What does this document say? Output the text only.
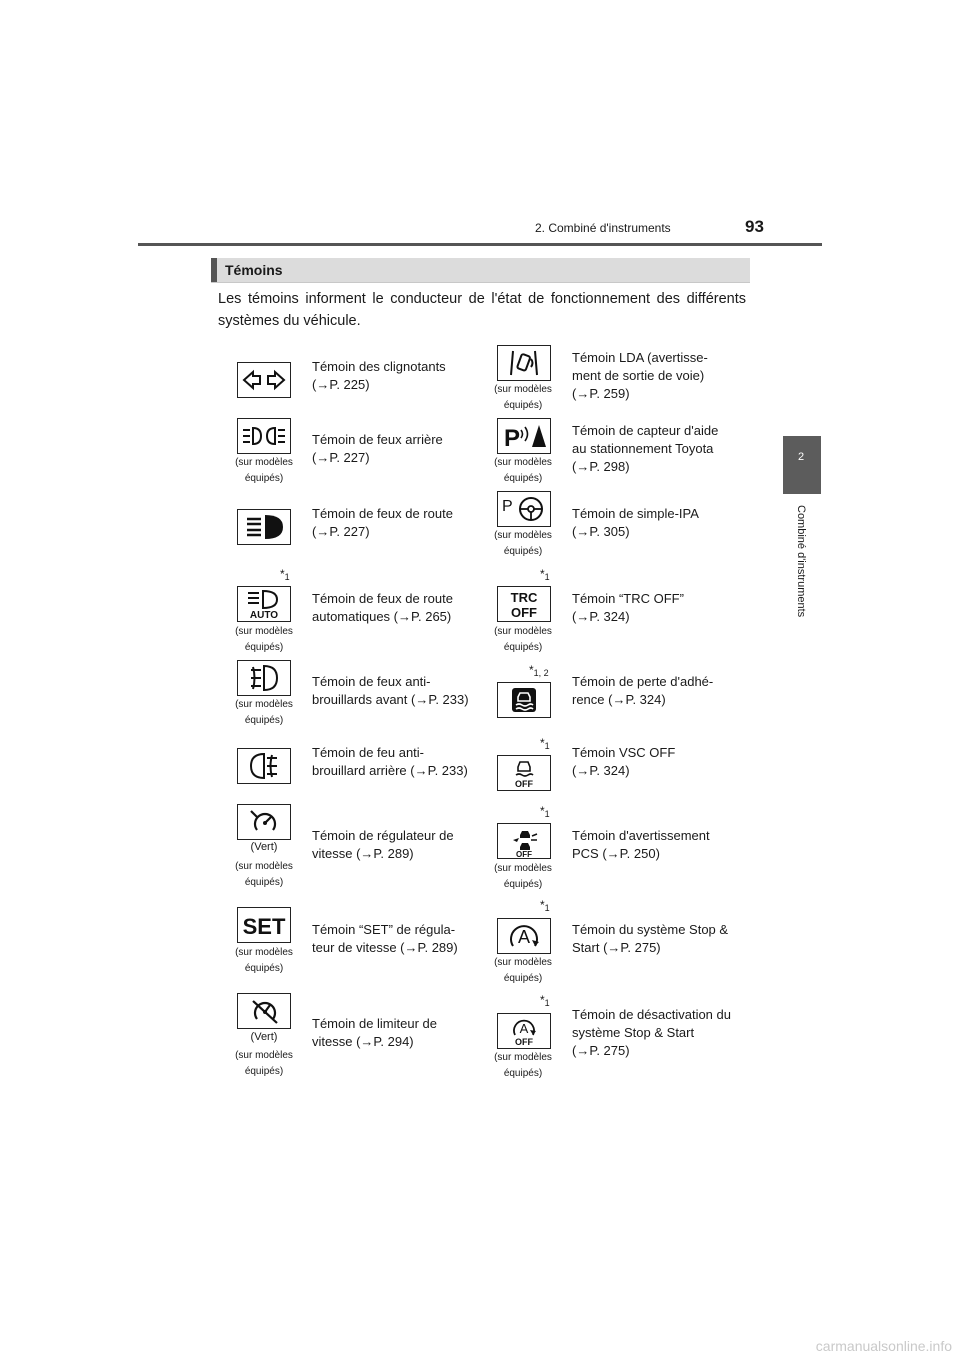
2. Combiné d'instruments	93
2
Combiné d'instruments
Témoins
Les témoins informent le conducteur de l'état de fonctionnement des différents systèmes du véhicule.
Témoin des clignotants
(→P. 225)
(sur modèles
équipés)
Témoin de feux arrière
(→P. 227)
Témoin de feux de route
(→P. 227)
$*_1$
AUTO
(sur modèles
équipés)
Témoin de feux de route
automatiques (→P. 265)
(sur modèles
équipés)
Témoin de feux anti-
brouillards avant (→P. 233)
Témoin de feu anti-
brouillard arrière (→P. 233)
(Vert)
(sur modèles
équipés)
Témoin de régulateur de
vitesse (→P. 289)
SET
(sur modèles
équipés)
Témoin “SET” de régula-
teur de vitesse (→P. 289)
(Vert)
(sur modèles
équipés)
Témoin de limiteur de
vitesse (→P. 294)
(sur modèles
équipés)
Témoin LDA (avertisse-
ment de sortie de voie)
(→P. 259)
P
(sur modèles
équipés)
Témoin de capteur d'aide
au stationnement Toyota
(→P. 298)
P
(sur modèles
équipés)
Témoin de simple-IPA
(→P. 305)
$*_1$
TRC
OFF
(sur modèles
équipés)
Témoin “TRC OFF”
(→P. 324)
$*_{1, 2}$
Témoin de perte d'adhé-
rence (→P. 324)
$*_1$
OFF
Témoin VSC OFF
(→P. 324)
$*_1$
OFF
(sur modèles
équipés)
Témoin d'avertissement
PCS (→P. 250)
$*_1$
A
(sur modèles
équipés)
Témoin du système Stop &
Start (→P. 275)
$*_1$
A
OFF
(sur modèles
équipés)
Témoin de désactivation du
système Stop & Start
(→P. 275)
carmanualsonline.info
